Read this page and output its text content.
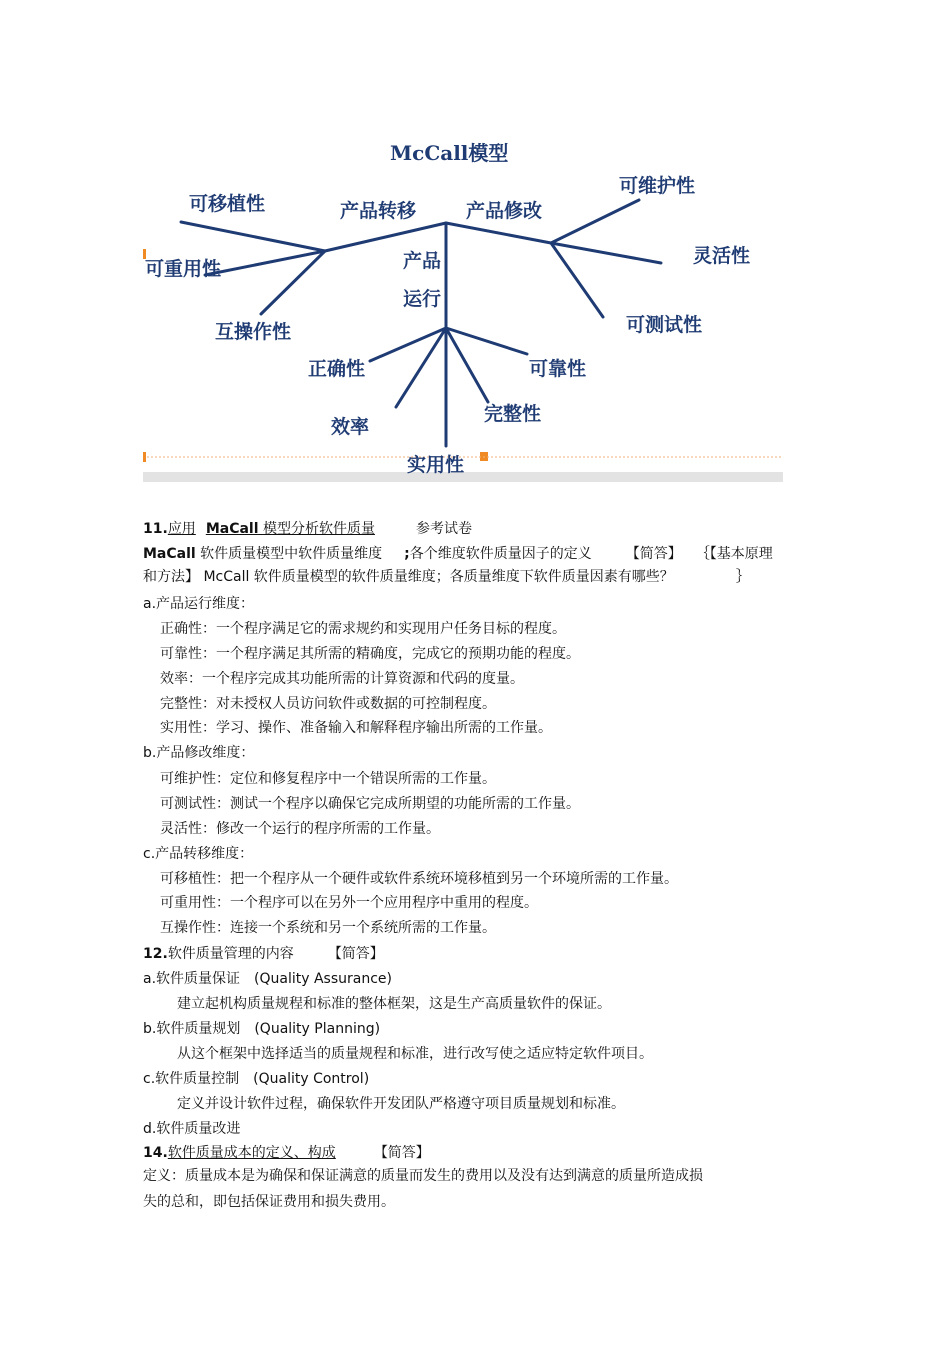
McCall模型
产品转移	产品修改
产品
运行
可移植性
可重用性
互操作性
可维护性
灵活性
可测试性
正确性	可靠性
效率
完整性
实用性
11.应用 MaCall 模型分析软件质量	参考试卷
MaCall 软件质量模型中软件质量维度 ;各个维度软件质量因子的定义 【简答】 ｛【基本原理
和方法】 McCall 软件质量模型的软件质量维度；各质量维度下软件质量因素有哪些？	｝
a.产品运行维度：
正确性：一个程序满足它的需求规约和实现用户任务目标的程度。
可靠性：一个程序满足其所需的精确度，完成它的预期功能的程度。
效率：一个程序完成其功能所需的计算资源和代码的度量。
完整性：对未授权人员访问软件或数据的可控制程度。
实用性：学习、操作、准备输入和解释程序输出所需的工作量。
b.产品修改维度：
可维护性：定位和修复程序中一个错误所需的工作量。
可测试性：测试一个程序以确保它完成所期望的功能所需的工作量。
灵活性：修改一个运行的程序所需的工作量。
c.产品转移维度：
可移植性：把一个程序从一个硬件或软件系统环境移植到另一个环境所需的工作量。
可重用性：一个程序可以在另外一个应用程序中重用的程度。
互操作性：连接一个系统和另一个系统所需的工作量。
12.软件质量管理的内容 【简答】
a.软件质量保证 (Quality Assurance)
建立起机构质量规程和标准的整体框架，这是生产高质量软件的保证。
b.软件质量规划 (Quality Planning)
从这个框架中选择适当的质量规程和标准，进行改写使之适应特定软件项目。
c.软件质量控制 (Quality Control)
定义并设计软件过程，确保软件开发团队严格遵守项目质量规划和标准。
d.软件质量改进
14.软件质量成本的定义、构成	【简答】
定义：质量成本是为确保和保证满意的质量而发生的费用以及没有达到满意的质量所造成损
失的总和，即包括保证费用和损失费用。
